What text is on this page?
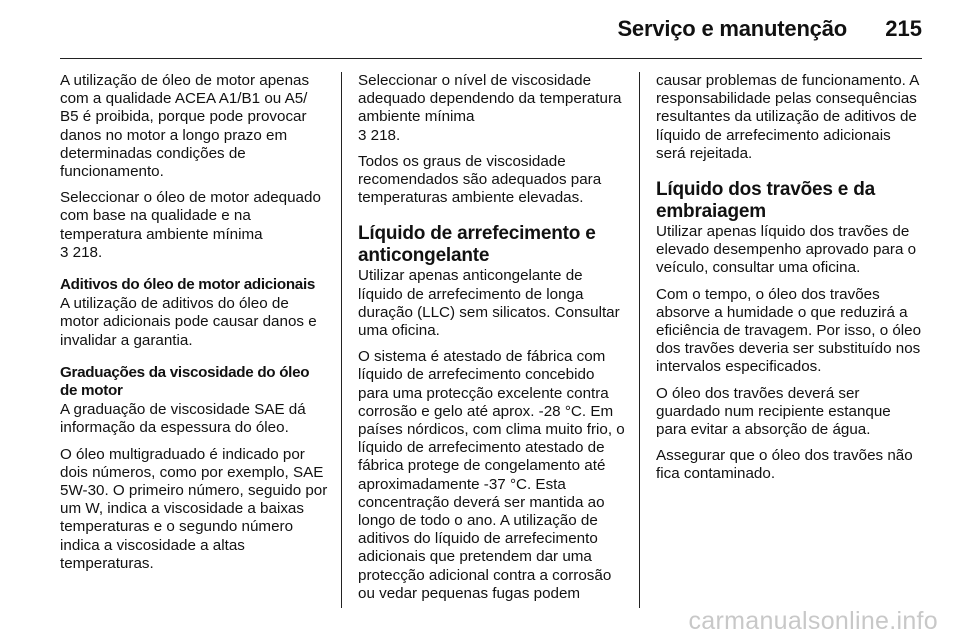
Serviço e manutenção 215

A utilização de óleo de motor apenas com a qualidade ACEA A1/B1 ou A5/ B5 é proibida, porque pode provocar danos no motor a longo prazo em determinadas condições de funcionamento.

Seleccionar o óleo de motor adequado com base na qualidade e na temperatura ambiente mínima
3 218.

Aditivos do óleo de motor adicionais

A utilização de aditivos do óleo de motor adicionais pode causar danos e invalidar a garantia.

Graduações da viscosidade do óleo de motor

A graduação de viscosidade SAE dá informação da espessura do óleo.

O óleo multigraduado é indicado por dois números, como por exemplo, SAE 5W-30. O primeiro número, seguido por um W, indica a viscosidade a baixas temperaturas e o segundo número indica a viscosidade a altas temperaturas.

Seleccionar o nível de viscosidade adequado dependendo da temperatura ambiente mínima
3 218.

Todos os graus de viscosidade recomendados são adequados para temperaturas ambiente elevadas.

Líquido de arrefecimento e anticongelante

Utilizar apenas anticongelante de líquido de arrefecimento de longa duração (LLC) sem silicatos. Consultar uma oficina.

O sistema é atestado de fábrica com líquido de arrefecimento concebido para uma protecção excelente contra corrosão e gelo até aprox. -28 °C. Em países nórdicos, com clima muito frio, o líquido de arrefecimento atestado de fábrica protege de congelamento até aproximadamente -37 °C. Esta concentração deverá ser mantida ao longo de todo o ano. A utilização de aditivos do líquido de arrefecimento adicionais que pretendem dar uma protecção adicional contra a corrosão ou vedar pequenas fugas podem

causar problemas de funcionamento. A responsabilidade pelas consequências resultantes da utilização de aditivos de líquido de arrefecimento adicionais será rejeitada.

Líquido dos travões e da embraiagem

Utilizar apenas líquido dos travões de elevado desempenho aprovado para o veículo, consultar uma oficina.

Com o tempo, o óleo dos travões absorve a humidade o que reduzirá a eficiência de travagem. Por isso, o óleo dos travões deveria ser substituído nos intervalos especificados.

O óleo dos travões deverá ser guardado num recipiente estanque para evitar a absorção de água.

Assegurar que o óleo dos travões não fica contaminado.

carmanualsonline.info
